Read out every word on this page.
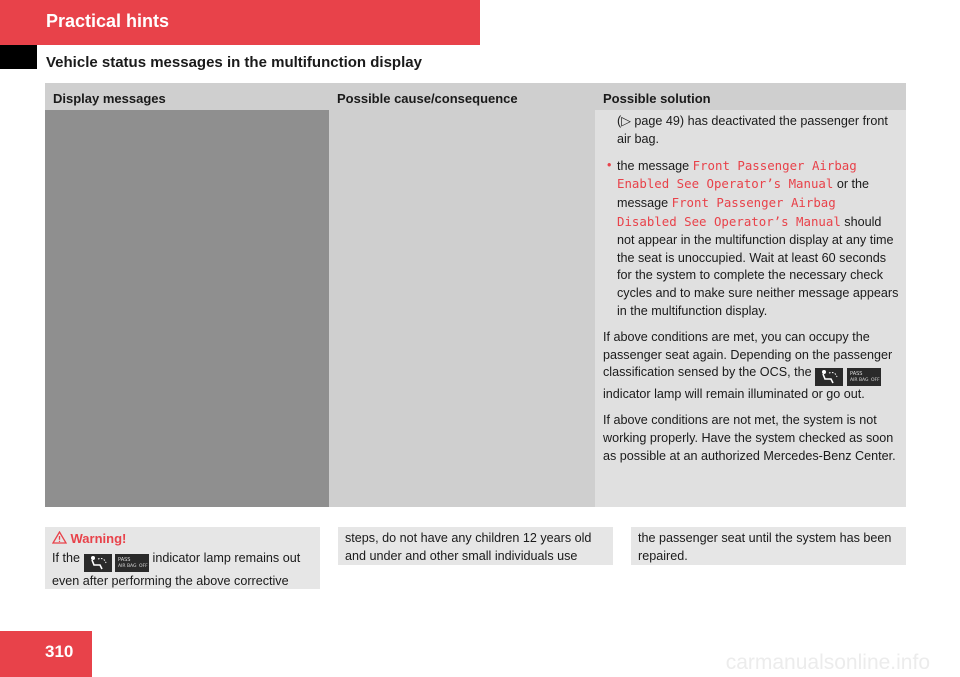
Practical hints
Vehicle status messages in the multifunction display
Display messages	Possible cause/consequence	Possible solution
(▷ page 49) has deactivated the passenger front air bag.
• the message Front Passenger Airbag Enabled See Operator’s Manual or the message Front Passenger Airbag Disabled See Operator’s Manual should not appear in the multifunction display at any time the seat is unoccupied. Wait at least 60 seconds for the system to complete the necessary check cycles and to make sure neither message appears in the multifunction display.
If above conditions are met, you can occupy the passenger seat again. Depending on the passenger classification sensed by the OCS, the	PASS
AIR BAG OFF
indicator lamp will remain illuminated or go out.
If above conditions are not met, the system is not working properly. Have the system checked as soon as possible at an authorized Mercedes-Benz Center.
Warning!
If the	PASS
AIR BAG OFF
indicator lamp remains out even after performing the above corrective
steps, do not have any children 12 years old and under and other small individuals use
the passenger seat until the system has been repaired.
310	carmanualsonline.info
